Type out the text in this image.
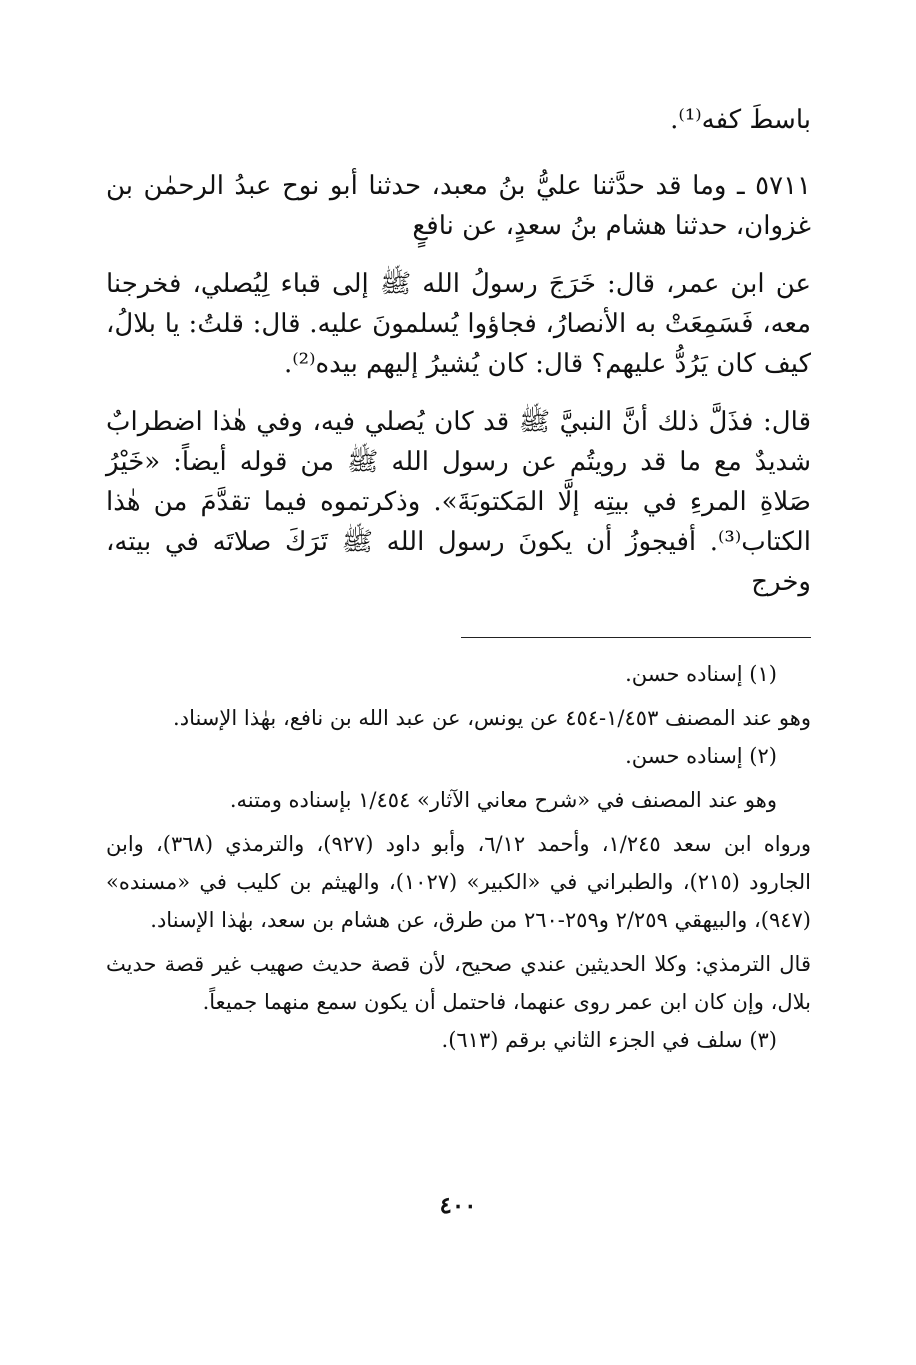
باسطَ كفه⁽¹⁾.

٥٧١١ ـ وما قد حدَّثنا عليُّ بنُ معبد، حدثنا أبو نوح عبدُ الرحمٰن بن غزوان، حدثنا هشام بنُ سعدٍ، عن نافعٍ

عن ابن عمر، قال: خَرَجَ رسولُ الله ﷺ إلى قباء لِيُصلي، فخرجنا معه، فَسَمِعَتْ به الأنصارُ، فجاؤوا يُسلمونَ عليه. قال: قلتُ: يا بلالُ، كيف كان يَرُدُّ عليهم؟ قال: كان يُشيرُ إليهم بيده⁽²⁾.

قال: فذَلَّ ذلك أنَّ النبيَّ ﷺ قد كان يُصلي فيه، وفي هٰذا اضطرابٌ شديدٌ مع ما قد رويتُم عن رسول الله ﷺ من قوله أيضاً: «خَيْرُ صَلاةِ المرءِ في بيتِه إلَّا المَكتوبَةَ». وذكرتموه فيما تقدَّمَ من هٰذا الكتاب⁽³⁾. أفيجوزُ أن يكونَ رسول الله ﷺ تَرَكَ صلاتَه في بيته، وخرج

(١) إسناده حسن.

وهو عند المصنف ١/٤٥٣-٤٥٤ عن يونس، عن عبد الله بن نافع، بهٰذا الإسناد.

(٢) إسناده حسن.

وهو عند المصنف في «شرح معاني الآثار» ١/٤٥٤ بإسناده ومتنه.

ورواه ابن سعد ١/٢٤٥، وأحمد ٦/١٢، وأبو داود (٩٢٧)، والترمذي (٣٦٨)، وابن الجارود (٢١٥)، والطبراني في «الكبير» (١٠٢٧)، والهيثم بن كليب في «مسنده» (٩٤٧)، والبيهقي ٢/٢٥٩ و٢٥٩-٢٦٠ من طرق، عن هشام بن سعد، بهٰذا الإسناد.

قال الترمذي: وكلا الحديثين عندي صحيح، لأن قصة حديث صهيب غير قصة حديث بلال، وإن كان ابن عمر روى عنهما، فاحتمل أن يكون سمع منهما جميعاً.

(٣) سلف في الجزء الثاني برقم (٦١٣).

٤٠٠
